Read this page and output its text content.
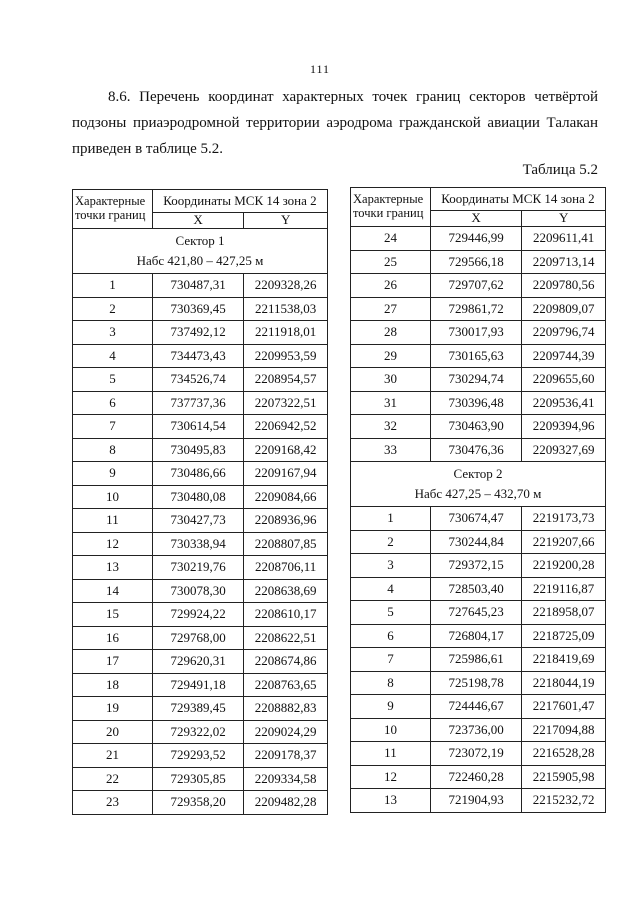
111
8.6. Перечень координат характерных точек границ секторов четвёртой
подзоны приаэродромной территории аэродрома гражданской авиации Талакан
приведен в таблице 5.2.
Таблица 5.2
Характерные точки границ	Координаты МСК 14 зона 2	
	X	Y

Сектор 1
Набс 421,80 – 427,25 м		

1	730487,31	2209328,26
2	730369,45	2211538,03
3	737492,12	2211918,01
4	734473,43	2209953,59
5	734526,74	2208954,57
6	737737,36	2207322,51
7	730614,54	2206942,52
8	730495,83	2209168,42
9	730486,66	2209167,94
10	730480,08	2209084,66
11	730427,73	2208936,96
12	730338,94	2208807,85
13	730219,76	2208706,11
14	730078,30	2208638,69
15	729924,22	2208610,17
16	729768,00	2208622,51
17	729620,31	2208674,86
18	729491,18	2208763,65
19	729389,45	2208882,83
20	729322,02	2209024,29
21	729293,52	2209178,37
22	729305,85	2209334,58
23	729358,20	2209482,28
Характерные точки границ	Координаты МСК 14 зона 2	
	X	Y
24	729446,99	2209611,41
25	729566,18	2209713,14
26	729707,62	2209780,56
27	729861,72	2209809,07
28	730017,93	2209796,74
29	730165,63	2209744,39
30	730294,74	2209655,60
31	730396,48	2209536,41
32	730463,90	2209394,96
33	730476,36	2209327,69

Сектор 2
Набс 427,25 – 432,70 м		

1	730674,47	2219173,73
2	730244,84	2219207,66
3	729372,15	2219200,28
4	728503,40	2219116,87
5	727645,23	2218958,07
6	726804,17	2218725,09
7	725986,61	2218419,69
8	725198,78	2218044,19
9	724446,67	2217601,47
10	723736,00	2217094,88
11	723072,19	2216528,28
12	722460,28	2215905,98
13	721904,93	2215232,72
